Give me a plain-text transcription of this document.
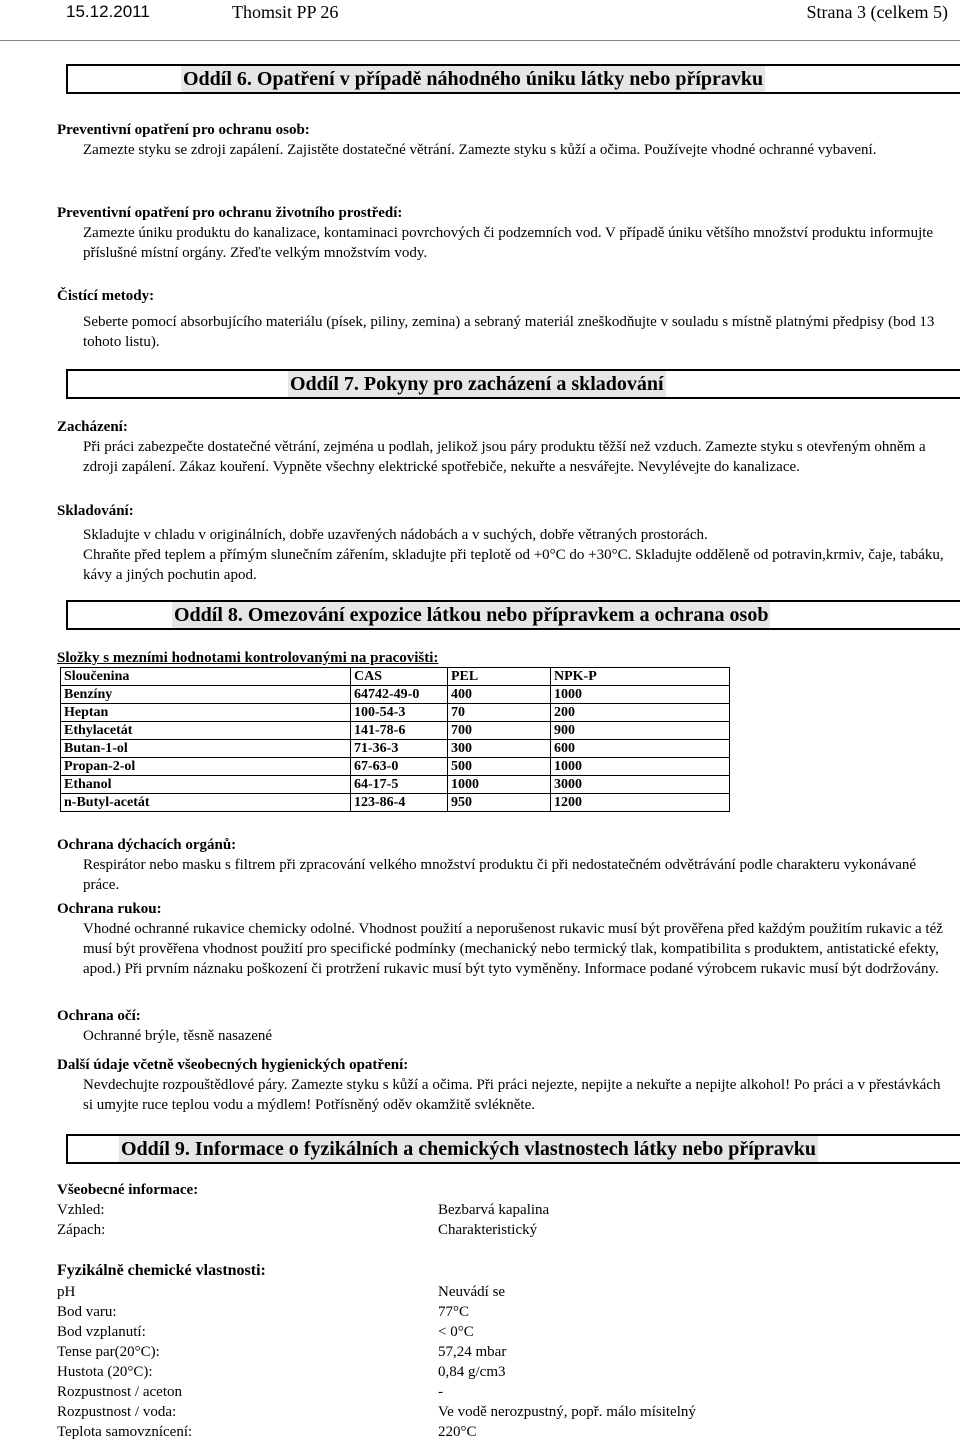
15.12.2011	Thomsit PP 26	Strana 3 (celkem 5)
Oddíl 6. Opatření v případě náhodného úniku látky nebo přípravku
Preventivní opatření pro ochranu osob:
Zamezte styku se zdroji zapálení. Zajistěte dostatečné větrání. Zamezte styku s kůží a očima. Používejte vhodné ochranné vybavení.
Preventivní opatření pro ochranu životního prostředí:
Zamezte úniku produktu do kanalizace, kontaminaci povrchových či podzemních vod. V případě úniku většího množství produktu informujte příslušné místní orgány. Zřeďte velkým množstvím vody.
Čistící metody:
Seberte pomocí absorbujícího materiálu (písek, piliny, zemina) a sebraný materiál zneškodňujte v souladu s místně platnými předpisy (bod 13 tohoto listu).
Oddíl 7. Pokyny pro zacházení a skladování
Zacházení:
Při práci zabezpečte dostatečné větrání, zejména u podlah, jelikož jsou páry produktu těžší než vzduch. Zamezte styku s otevřeným ohněm a zdroji zapálení. Zákaz kouření. Vypněte všechny elektrické spotřebiče, nekuřte a nesvářejte. Nevylévejte do kanalizace.
Skladování:
Skladujte v chladu v originálních, dobře uzavřených nádobách a v suchých, dobře větraných prostorách.
Chraňte před teplem a přímým slunečním zářením, skladujte při teplotě od +0°C do +30°C. Skladujte odděleně od potravin,krmiv, čaje, tabáku, kávy a jiných pochutin apod.
Oddíl 8. Omezování expozice látkou nebo přípravkem a ochrana osob
Složky s mezními hodnotami kontrolovanými na pracovišti:
Sloučenina	CAS	PEL	NPK-P
Benzíny	64742-49-0	400	1000
Heptan	100-54-3	70	200
Ethylacetát	141-78-6	700	900
Butan-1-ol	71-36-3	300	600
Propan-2-ol	67-63-0	500	1000
Ethanol	64-17-5	1000	3000
n-Butyl-acetát	123-86-4	950	1200
Ochrana dýchacích orgánů:
Respirátor nebo masku s filtrem při zpracování velkého množství produktu či při nedostatečném odvětrávání podle charakteru vykonávané práce.
Ochrana rukou:
Vhodné ochranné rukavice chemicky odolné. Vhodnost použití a neporušenost rukavic musí být prověřena před každým použitím rukavic a též musí být prověřena vhodnost použití pro specifické podmínky (mechanický nebo termický tlak, kompatibilita s produktem, antistatické efekty, apod.) Při prvním náznaku poškození či protržení rukavic musí být tyto vyměněny. Informace podané výrobcem rukavic musí být dodržovány.
Ochrana očí:
Ochranné brýle, těsně nasazené
Další údaje včetně všeobecných hygienických opatření:
Nevdechujte rozpouštědlové páry. Zamezte styku s kůží a očima. Při práci nejezte, nepijte a nekuřte a nepijte alkohol! Po práci a v přestávkách si umyjte ruce teplou vodu a mýdlem! Potřísněný oděv okamžitě svlékněte.
Oddíl 9. Informace o fyzikálních a chemických vlastnostech látky nebo přípravku
Všeobecné informace:
Vzhled:	Bezbarvá kapalina
Zápach:	Charakteristický
Fyzikálně chemické vlastnosti:
pH	Neuvádí se
Bod varu:	77°C
Bod vzplanutí:	< 0°C
Tense par(20°C):	57,24 mbar
Hustota (20°C):	0,84 g/cm3
Rozpustnost / aceton	-
Rozpustnost / voda:	Ve vodě nerozpustný, popř. málo mísitelný
Teplota samovznícení:	220°C
